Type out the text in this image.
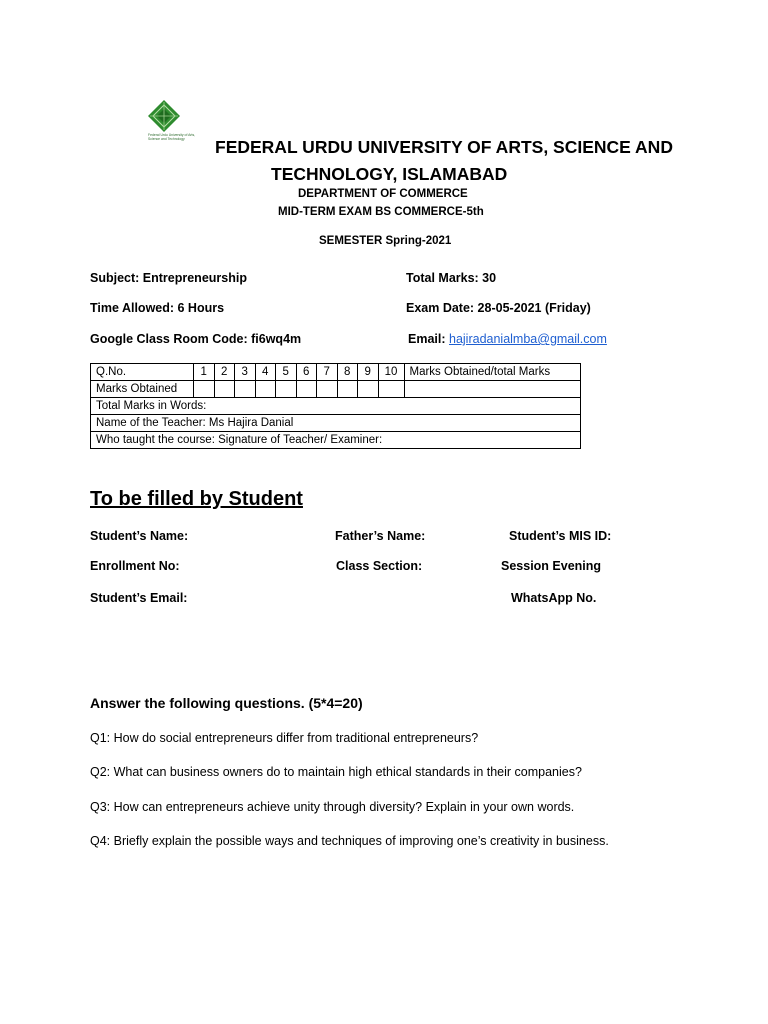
Federal Urdu University of Arts, Science and Technology	FEDERAL URDU UNIVERSITY OF ARTS, SCIENCE AND
TECHNOLOGY, ISLAMABAD
DEPARTMENT OF COMMERCE
MID-TERM EXAM BS COMMERCE-5th
SEMESTER Spring-2021
Subject: Entrepreneurship	Total Marks: 30
Time Allowed: 6 Hours	Exam Date: 28-05-2021 (Friday)
Google Class Room Code: fi6wq4m	Email: hajiradanialmba@gmail.com
Q.No.	1	2	3	4	5	6	7	8	9	10	Marks Obtained/total Marks
Marks Obtained											
Total Marks in Words:											
Name of the Teacher: Ms Hajira Danial											
Who taught the course: Signature of Teacher/ Examiner:											
To be filled by Student
Student’s Name:	Father’s Name:	Student’s MIS ID:
Enrollment No:	Class Section:	Session Evening
Student’s Email:	WhatsApp No.
Answer the following questions. (5*4=20)
Q1: How do social entrepreneurs differ from traditional entrepreneurs?
Q2: What can business owners do to maintain high ethical standards in their companies?
Q3: How can entrepreneurs achieve unity through diversity? Explain in your own words.
Q4: Briefly explain the possible ways and techniques of improving one’s creativity in business.
